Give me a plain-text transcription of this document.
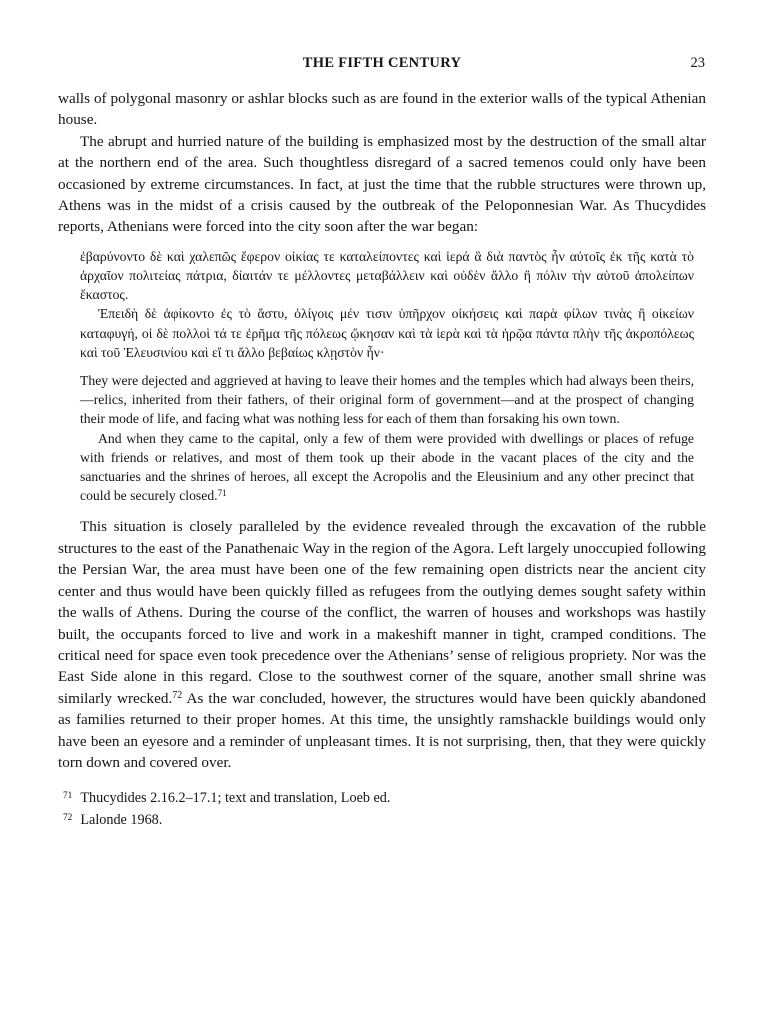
THE FIFTH CENTURY	23

walls of polygonal masonry or ashlar blocks such as are found in the exterior walls of the typical Athenian house.

The abrupt and hurried nature of the building is emphasized most by the destruction of the small altar at the northern end of the area. Such thoughtless disregard of a sacred temenos could only have been occasioned by extreme circumstances. In fact, at just the time that the rubble structures were thrown up, Athens was in the midst of a crisis caused by the outbreak of the Peloponnesian War. As Thucydides reports, Athenians were forced into the city soon after the war began:

ἐβαρύνοντο δὲ καὶ χαλεπῶς ἔφερον οἰκίας τε καταλείποντες καὶ ἱερά ἃ διὰ παντὸς ἦν αὐτοῖς ἐκ τῆς κατὰ τὸ ἀρχαῖον πολιτείας πάτρια, δίαιτάν τε μέλλοντες μεταβάλλειν καὶ οὐδὲν ἄλλο ἢ πόλιν τὴν αὑτοῦ ἀπολείπων ἕκαστος.

Ἐπειδὴ δὲ ἀφίκοντο ἐς τὸ ἄστυ, ὀλίγοις μέν τισιν ὑπῆρχον οἰκήσεις καὶ παρὰ φίλων τινὰς ἢ οἰκείων καταφυγή, οἱ δὲ πολλοὶ τά τε ἐρῆμα τῆς πόλεως ᾤκησαν καὶ τὰ ἱερὰ καὶ τὰ ἡρῷα πάντα πλὴν τῆς ἀκροπόλεως καὶ τοῦ Ἐλευσινίου καὶ εἴ τι ἄλλο βεβαίως κλῃστὸν ἦν·

They were dejected and aggrieved at having to leave their homes and the temples which had always been theirs,—relics, inherited from their fathers, of their original form of government—and at the prospect of changing their mode of life, and facing what was nothing less for each of them than forsaking his own town.

And when they came to the capital, only a few of them were provided with dwellings or places of refuge with friends or relatives, and most of them took up their abode in the vacant places of the city and the sanctuaries and the shrines of heroes, all except the Acropolis and the Eleusinium and any other precinct that could be securely closed.$^{71}$

This situation is closely paralleled by the evidence revealed through the excavation of the rubble structures to the east of the Panathenaic Way in the region of the Agora. Left largely unoccupied following the Persian War, the area must have been one of the few remaining open districts near the ancient city center and thus would have been quickly filled as refugees from the outlying demes sought safety within the walls of Athens. During the course of the conflict, the warren of houses and workshops was hastily built, the occupants forced to live and work in a makeshift manner in tight, cramped conditions. The critical need for space even took precedence over the Athenians’ sense of religious propriety. Nor was the East Side alone in this regard. Close to the southwest corner of the square, another small shrine was similarly wrecked.$^{72}$ As the war concluded, however, the structures would have been quickly abandoned as families returned to their proper homes. At this time, the unsightly ramshackle buildings would only have been an eyesore and a reminder of unpleasant times. It is not surprising, then, that they were quickly torn down and covered over.

$^{71}$ Thucydides 2.16.2–17.1; text and translation, Loeb ed.
$^{72}$ Lalonde 1968.
